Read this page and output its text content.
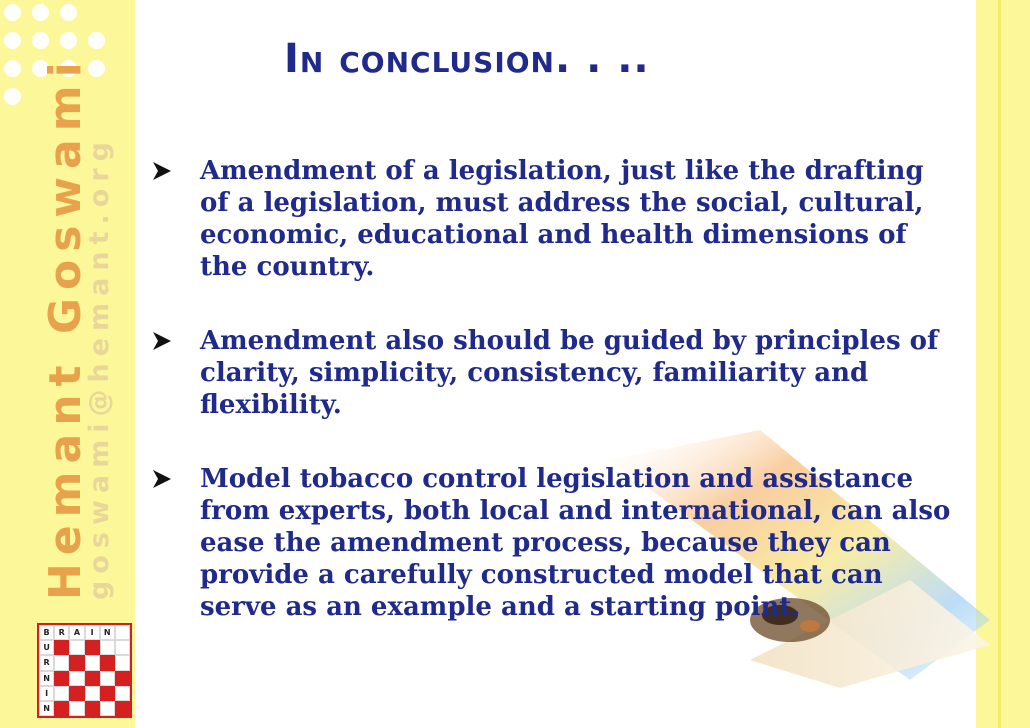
Hemant Goswami
goswami@hemant.org
B	R	A	I	N
U
R
N
I
N
In conclusion. . ..
Amendment of a legislation, just like the drafting
of a legislation, must address the social, cultural,
economic, educational and health dimensions of
the country.
Amendment also should be guided by principles of
clarity, simplicity, consistency, familiarity and
flexibility.
Model tobacco control legislation and assistance
from experts, both local and international, can also
ease the amendment process, because they can
provide a carefully constructed model that can
serve as an example and a starting point.
